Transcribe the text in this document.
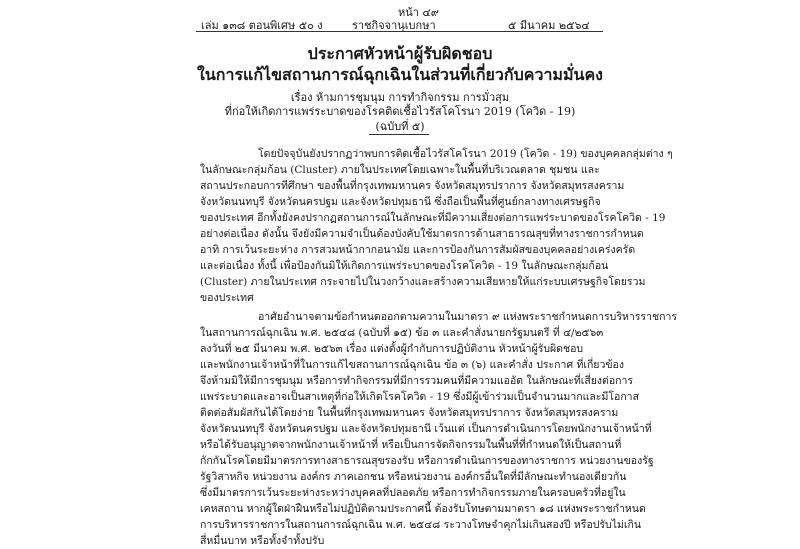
หน้า ๔๙
เล่ม ๑๓๘ ตอนพิเศษ ๕๐ ง	ราชกิจจานุเบกษา	๕ มีนาคม ๒๕๖๔
ประกาศหัวหน้าผู้รับผิดชอบ
ในการแก้ไขสถานการณ์ฉุกเฉินในส่วนที่เกี่ยวกับความมั่นคง
เรื่อง ห้ามการชุมนุม การทำกิจกรรม การมั่วสุม
ที่ก่อให้เกิดการแพร่ระบาดของโรคติดเชื้อไวรัสโคโรนา 2019 (โควิด - 19)
(ฉบับที่ ๕)
โดยปัจจุบันยังปรากฏว่าพบการติดเชื้อไวรัสโคโรนา 2019 (โควิด - 19) ของบุคคลกลุ่มต่าง ๆ
ในลักษณะกลุ่มก้อน (Cluster) ภายในประเทศโดยเฉพาะในพื้นที่บริเวณตลาด ชุมชน และ
สถานประกอบการทีศึกษา ของพื้นที่กรุงเทพมหานคร จังหวัดสมุทรปราการ จังหวัดสมุทรสงคราม
จังหวัดนนทบุรี จังหวัดนครปฐม และจังหวัดปทุมธานี ซึ่งถือเป็นพื้นที่ศูนย์กลางทางเศรษฐกิจ
ของประเทศ อีกทั้งยังคงปรากฏสถานการณ์ในลักษณะที่มีความเสี่ยงต่อการแพร่ระบาดของโรคโควิด - 19
อย่างต่อเนื่อง ดังนั้น จึงยังมีความจำเป็นต้องบังคับใช้มาตรการด้านสาธารณสุขที่ทางราชการกำหนด
อาทิ การเว้นระยะห่าง การสวมหน้ากากอนามัย และการป้องกันการสัมผัสของบุคคลอย่างเคร่งครัด
และต่อเนื่อง ทั้งนี้ เพื่อป้องกันมิให้เกิดการแพร่ระบาดของโรคโควิด - 19 ในลักษณะกลุ่มก้อน
(Cluster) ภายในประเทศ กระจายไปในวงกว้างและสร้างความเสียหายให้แก่ระบบเศรษฐกิจโดยรวม
ของประเทศ
อาศัยอำนาจตามข้อกำหนดออกตามความในมาตรา ๙ แห่งพระราชกำหนดการบริหารราชการ
ในสถานการณ์ฉุกเฉิน พ.ศ. ๒๕๔๘ (ฉบับที่ ๑๕) ข้อ ๓ และคำสั่งนายกรัฐมนตรี ที่ ๔/๒๕๖๓
ลงวันที่ ๒๕ มีนาคม พ.ศ. ๒๕๖๓ เรื่อง แต่งตั้งผู้กำกับการปฏิบัติงาน หัวหน้าผู้รับผิดชอบ
และพนักงานเจ้าหน้าที่ในการแก้ไขสถานการณ์ฉุกเฉิน ข้อ ๓ (๖) และคำสั่ง ประกาศ ที่เกี่ยวข้อง
จึงห้ามมิให้มีการชุมนุม หรือการทำกิจกรรมที่มีการรวมคนที่มีความแออัด ในลักษณะที่เสี่ยงต่อการ
แพร่ระบาดและอาจเป็นสาเหตุที่ก่อให้เกิดโรคโควิด - 19 ซึ่งมีผู้เข้าร่วมเป็นจำนวนมากและมีโอกาส
ติดต่อสัมผัสกันได้โดยง่าย ในพื้นที่กรุงเทพมหานคร จังหวัดสมุทรปราการ จังหวัดสมุทรสงคราม
จังหวัดนนทบุรี จังหวัดนครปฐม และจังหวัดปทุมธานี เว้นแต่ เป็นการดำเนินการโดยพนักงานเจ้าหน้าที่
หรือได้รับอนุญาตจากพนักงานเจ้าหน้าที่ หรือเป็นการจัดกิจกรรมในพื้นที่ที่กำหนดให้เป็นสถานที่
กักกันโรคโดยมีมาตรการทางสาธารณสุขรองรับ หรือการดำเนินการของทางราชการ หน่วยงานของรัฐ
รัฐวิสาหกิจ หน่วยงาน องค์กร ภาคเอกชน หรือหน่วยงาน องค์กรอื่นใดที่มีลักษณะทำนองเดียวกัน
ซึ่งมีมาตรการเว้นระยะห่างระหว่างบุคคลที่ปลอดภัย หรือการทำกิจกรรมภายในครอบครัวที่อยู่ใน
เคหสถาน หากผู้ใดฝ่าฝืนหรือไม่ปฏิบัติตามประกาศนี้ ต้องรับโทษตามมาตรา ๑๘ แห่งพระราชกำหนด
การบริหารราชการในสถานการณ์ฉุกเฉิน พ.ศ. ๒๕๔๘ ระวางโทษจำคุกไม่เกินสองปี หรือปรับไม่เกิน
สี่หมื่นบาท หรือทั้งจำทั้งปรับ
